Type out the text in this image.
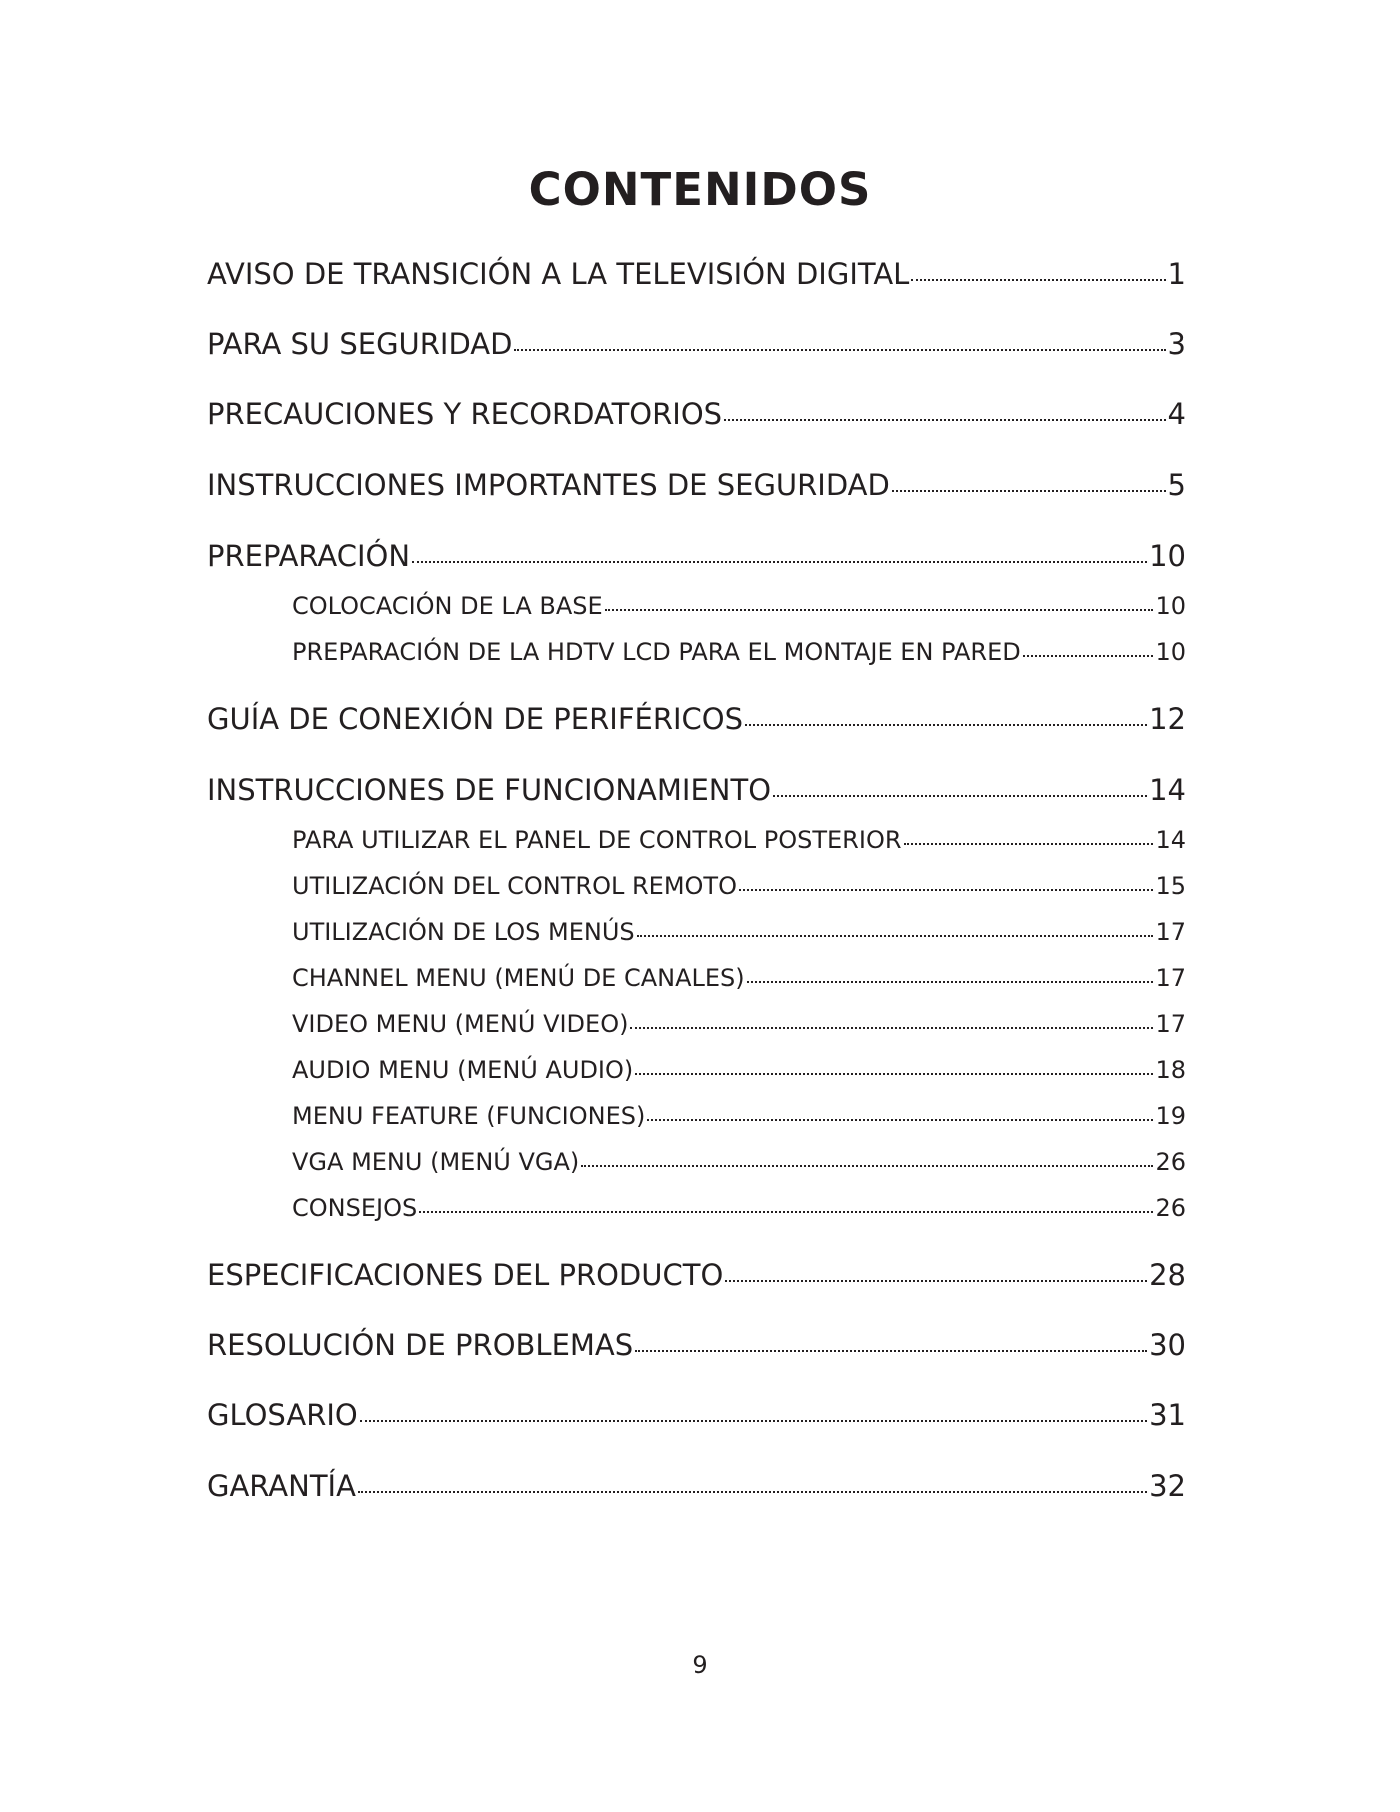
CONTENIDOS
AVISO DE TRANSICIÓN A LA TELEVISIÓN DIGITAL	1
PARA SU SEGURIDAD	3
PRECAUCIONES Y RECORDATORIOS	4
INSTRUCCIONES IMPORTANTES DE SEGURIDAD	5
PREPARACIÓN	10
COLOCACIÓN DE LA BASE	10
PREPARACIÓN DE LA HDTV LCD PARA EL MONTAJE EN PARED	10
GUÍA DE CONEXIÓN DE PERIFÉRICOS	12
INSTRUCCIONES DE FUNCIONAMIENTO	14
PARA UTILIZAR EL PANEL DE CONTROL POSTERIOR	14
UTILIZACIÓN DEL CONTROL REMOTO	15
UTILIZACIÓN DE LOS MENÚS	17
CHANNEL MENU (MENÚ DE CANALES)	17
VIDEO MENU (MENÚ VIDEO)	17
AUDIO MENU (MENÚ AUDIO)	18
MENU FEATURE (FUNCIONES)	19
VGA MENU (MENÚ VGA)	26
CONSEJOS	26
ESPECIFICACIONES DEL PRODUCTO	28
RESOLUCIÓN DE PROBLEMAS	30
GLOSARIO	31
GARANTÍA	32
9
